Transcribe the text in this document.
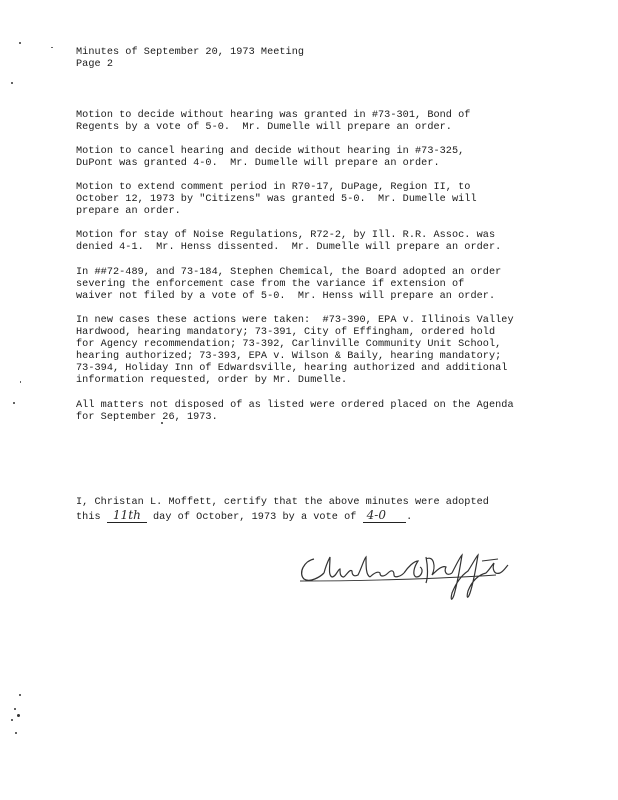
Minutes of September 20, 1973 Meeting
Page 2
Motion to decide without hearing was granted in #73-301, Bond of
Regents by a vote of 5-0.  Mr. Dumelle will prepare an order.
Motion to cancel hearing and decide without hearing in #73-325,
DuPont was granted 4-0.  Mr. Dumelle will prepare an order.
Motion to extend comment period in R70-17, DuPage, Region II, to
October 12, 1973 by "Citizens" was granted 5-0.  Mr. Dumelle will
prepare an order.
Motion for stay of Noise Regulations, R72-2, by Ill. R.R. Assoc. was
denied 4-1.  Mr. Henss dissented.  Mr. Dumelle will prepare an order.
In ##72-489, and 73-184, Stephen Chemical, the Board adopted an order
severing the enforcement case from the variance if extension of
waiver not filed by a vote of 5-0.  Mr. Henss will prepare an order.
In new cases these actions were taken:  #73-390, EPA v. Illinois Valley
Hardwood, hearing mandatory; 73-391, City of Effingham, ordered hold
for Agency recommendation; 73-392, Carlinville Community Unit School,
hearing authorized; 73-393, EPA v. Wilson & Baily, hearing mandatory;
73-394, Holiday Inn of Edwardsville, hearing authorized and additional
information requested, order by Mr. Dumelle.
All matters not disposed of as listed were ordered placed on the Agenda
for September 26, 1973.
I, Christan L. Moffett, certify that the above minutes were adopted
this
11th day of October, 1973 by a vote of
4-0 .
